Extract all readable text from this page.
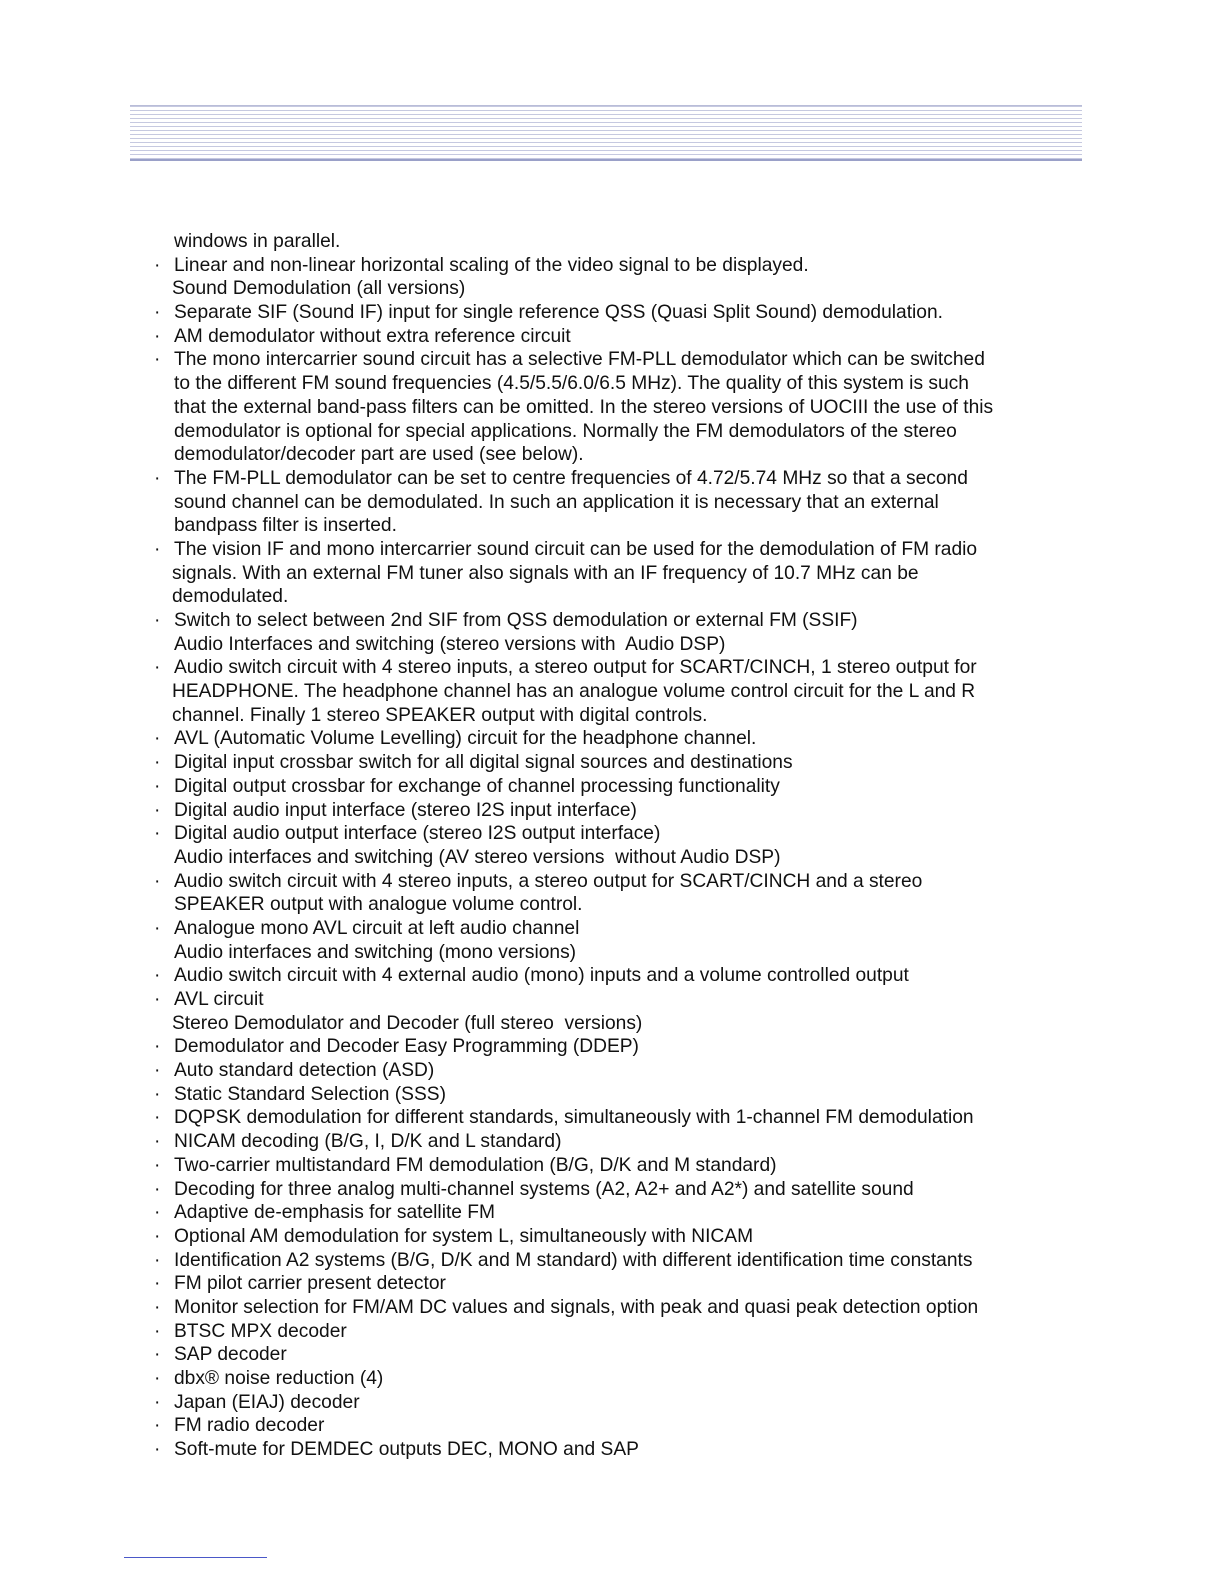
windows in parallel.
· Linear and non-linear horizontal scaling of the video signal to be displayed.
Sound Demodulation (all versions)
· Separate SIF (Sound IF) input for single reference QSS (Quasi Split Sound) demodulation.
· AM demodulator without extra reference circuit
· The mono intercarrier sound circuit has a selective FM-PLL demodulator which can be switched
to the different FM sound frequencies (4.5/5.5/6.0/6.5 MHz). The quality of this system is such
that the external band-pass filters can be omitted. In the stereo versions of UOCIII the use of this
demodulator is optional for special applications. Normally the FM demodulators of the stereo
demodulator/decoder part are used (see below).
· The FM-PLL demodulator can be set to centre frequencies of 4.72/5.74 MHz so that a second
sound channel can be demodulated. In such an application it is necessary that an external
bandpass filter is inserted.
· The vision IF and mono intercarrier sound circuit can be used for the demodulation of FM radio
signals. With an external FM tuner also signals with an IF frequency of 10.7 MHz can be
demodulated.
· Switch to select between 2nd SIF from QSS demodulation or external FM (SSIF)
Audio Interfaces and switching (stereo versions with  Audio DSP)
· Audio switch circuit with 4 stereo inputs, a stereo output for SCART/CINCH, 1 stereo output for
HEADPHONE. The headphone channel has an analogue volume control circuit for the L and R
channel. Finally 1 stereo SPEAKER output with digital controls.
· AVL (Automatic Volume Levelling) circuit for the headphone channel.
· Digital input crossbar switch for all digital signal sources and destinations
· Digital output crossbar for exchange of channel processing functionality
· Digital audio input interface (stereo I2S input interface)
· Digital audio output interface (stereo I2S output interface)
Audio interfaces and switching (AV stereo versions  without Audio DSP)
· Audio switch circuit with 4 stereo inputs, a stereo output for SCART/CINCH and a stereo
SPEAKER output with analogue volume control.
· Analogue mono AVL circuit at left audio channel
Audio interfaces and switching (mono versions)
· Audio switch circuit with 4 external audio (mono) inputs and a volume controlled output
· AVL circuit
Stereo Demodulator and Decoder (full stereo  versions)
· Demodulator and Decoder Easy Programming (DDEP)
· Auto standard detection (ASD)
· Static Standard Selection (SSS)
· DQPSK demodulation for different standards, simultaneously with 1-channel FM demodulation
· NICAM decoding (B/G, I, D/K and L standard)
· Two-carrier multistandard FM demodulation (B/G, D/K and M standard)
· Decoding for three analog multi-channel systems (A2, A2+ and A2*) and satellite sound
· Adaptive de-emphasis for satellite FM
· Optional AM demodulation for system L, simultaneously with NICAM
· Identification A2 systems (B/G, D/K and M standard) with different identification time constants
· FM pilot carrier present detector
· Monitor selection for FM/AM DC values and signals, with peak and quasi peak detection option
· BTSC MPX decoder
· SAP decoder
· dbx® noise reduction (4)
· Japan (EIAJ) decoder
· FM radio decoder
· Soft-mute for DEMDEC outputs DEC, MONO and SAP
